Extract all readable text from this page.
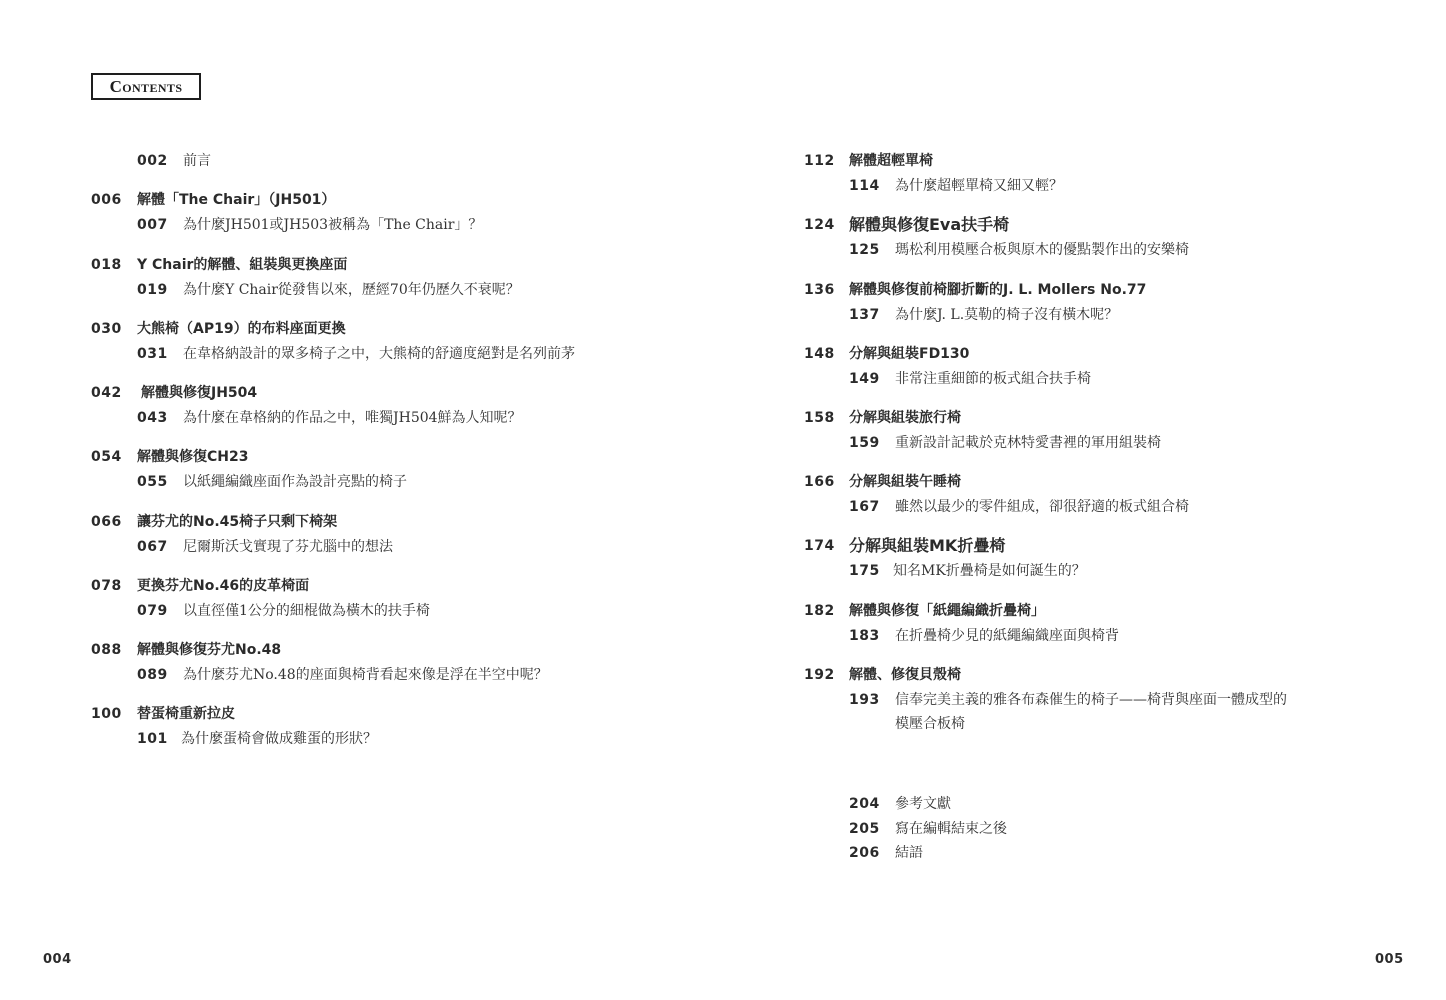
Contents
002 前言
006 解體「The Chair」（JH501）
007 為什麼JH501或JH503被稱為「The Chair」？
018 Y Chair的解體、組裝與更換座面
019 為什麼Y Chair從發售以來，歷經70年仍歷久不衰呢？
030 大熊椅（AP19）的布料座面更換
031 在韋格納設計的眾多椅子之中，大熊椅的舒適度絕對是名列前茅
042 解體與修復JH504
043 為什麼在韋格納的作品之中，唯獨JH504鮮為人知呢？
054 解體與修復CH23
055 以紙繩編織座面作為設計亮點的椅子
066 讓芬尤的No.45椅子只剩下椅架
067 尼爾斯沃戈實現了芬尤腦中的想法
078 更換芬尤No.46的皮革椅面
079 以直徑僅1公分的細棍做為橫木的扶手椅
088 解體與修復芬尤No.48
089 為什麼芬尤No.48的座面與椅背看起來像是浮在半空中呢？
100 替蛋椅重新拉皮
101 為什麼蛋椅會做成雞蛋的形狀？
004
112 解體超輕單椅
114 為什麼超輕單椅又細又輕？
124 解體與修復Eva扶手椅
125 瑪松利用模壓合板與原木的優點製作出的安樂椅
136 解體與修復前椅腳折斷的J. L. Mollers No.77
137 為什麼J. L.莫勒的椅子沒有橫木呢？
148 分解與組裝FD130
149 非常注重細節的板式組合扶手椅
158 分解與組裝旅行椅
159 重新設計記載於克林特愛書裡的軍用組裝椅
166 分解與組裝午睡椅
167 雖然以最少的零件組成，卻很舒適的板式組合椅
174 分解與組裝MK折疊椅
175 知名MK折疊椅是如何誕生的？
182 解體與修復「紙繩編織折疊椅」
183 在折疊椅少見的紙繩編織座面與椅背
192 解體、修復貝殼椅
193 信奉完美主義的雅各布森催生的椅子——椅背與座面一體成型的
模壓合板椅
204 參考文獻
205 寫在編輯結束之後
206 結語
005
